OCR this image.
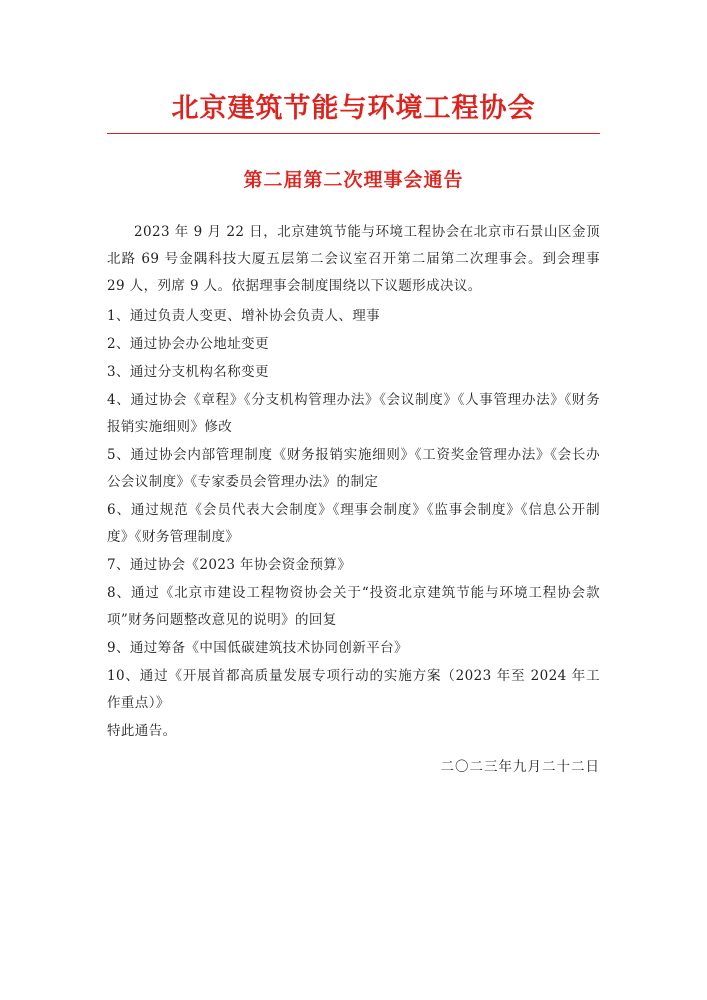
北京建筑节能与环境工程协会
第二届第二次理事会通告

2023 年 9 月 22 日，北京建筑节能与环境工程协会在北京市石景山区金顶北路 69 号金隅科技大厦五层第二会议室召开第二届第二次理事会。到会理事 29 人，列席 9 人。依据理事会制度围绕以下议题形成决议。

1、通过负责人变更、增补协会负责人、理事

2、通过协会办公地址变更

3、通过分支机构名称变更

4、通过协会《章程》《分支机构管理办法》《会议制度》《人事管理办法》《财务报销实施细则》修改

5、通过协会内部管理制度《财务报销实施细则》《工资奖金管理办法》《会长办公会议制度》《专家委员会管理办法》的制定

6、通过规范《会员代表大会制度》《理事会制度》《监事会制度》《信息公开制度》《财务管理制度》

7、通过协会《2023 年协会资金预算》

8、通过《北京市建设工程物资协会关于“投资北京建筑节能与环境工程协会款项”财务问题整改意见的说明》的回复

9、通过筹备《中国低碳建筑技术协同创新平台》

10、通过《开展首都高质量发展专项行动的实施方案（2023 年至 2024 年工作重点）》

特此通告。

二〇二三年九月二十二日
